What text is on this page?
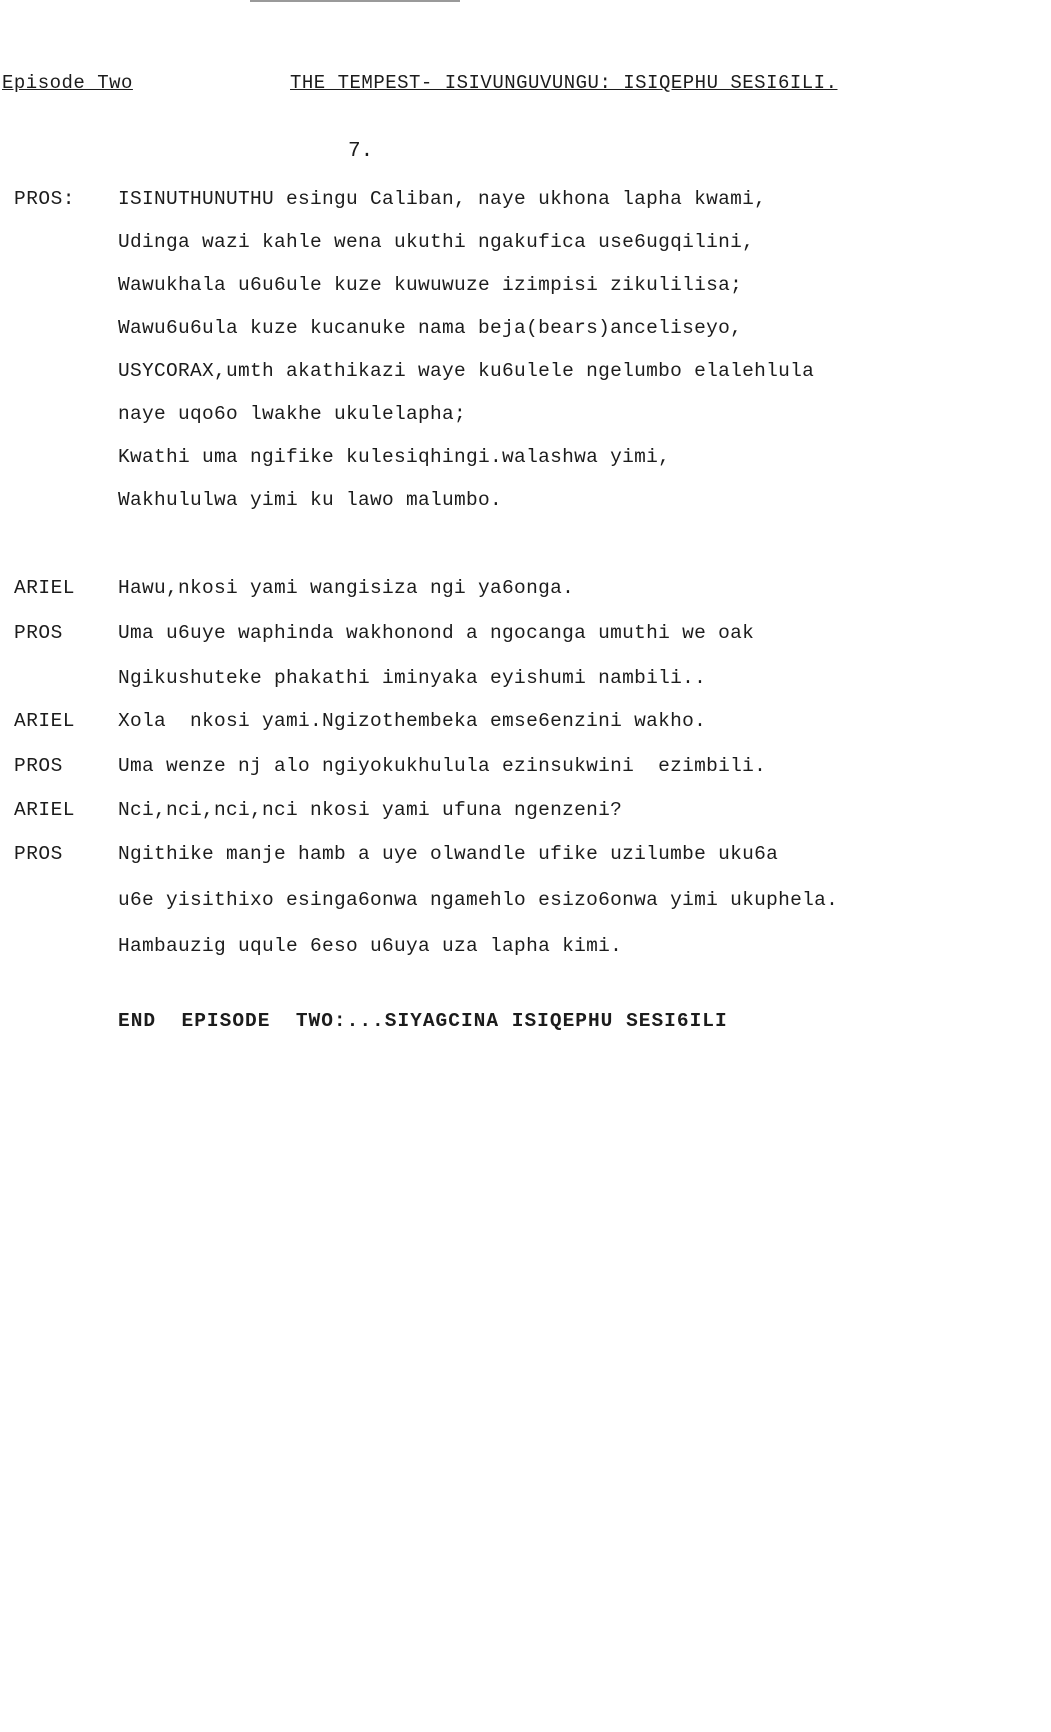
Episode Two	THE TEMPEST- ISIVUNGUVUNGU: ISIQEPHU SESI6ILI.
7.
PROS: ISINUTHUNUTHU esingu Caliban, naye ukhona lapha kwami,
Udinga wazi kahle wena ukuthi ngakufica use6ugqilini,
Wawukhala u6u6ule kuze kuwuwuze izimpisi zikulilisa;
Wawu6u6ula kuze kucanuke nama beja(bears)anceliseyo,
USYCORAX,umth akathikazi waye ku6ulele ngelumbo elalehlula
naye uqo6o lwakhe ukulelapha;
Kwathi uma ngifike kulesiqhingi.walashwa yimi,
Wakhululwa yimi ku lawo malumbo.
ARIEL Hawu,nkosi yami wangisiza ngi ya6onga.
PROS	Uma u6uye waphinda wakhonond a ngocanga umuthi we oak
Ngikushuteke phakathi iminyaka eyishumi nambili..
ARIEL Xola  nkosi yami.Ngizothembeka emse6enzini wakho.
PROS	Uma wenze nj alo ngiyokukhulula ezinsukwini  ezimbili.
ARIEL Nci,nci,nci,nci nkosi yami ufuna ngenzeni?
PROS	Ngithike manje hamb a uye olwandle ufike uzilumbe uku6a
u6e yisithixo esinga6onwa ngamehlo esizo6onwa yimi ukuphela.
Hambauzig uqule 6eso u6uya uza lapha kimi.
END  EPISODE  TWO:...SIYAGCINA ISIQEPHU SESI6ILI
